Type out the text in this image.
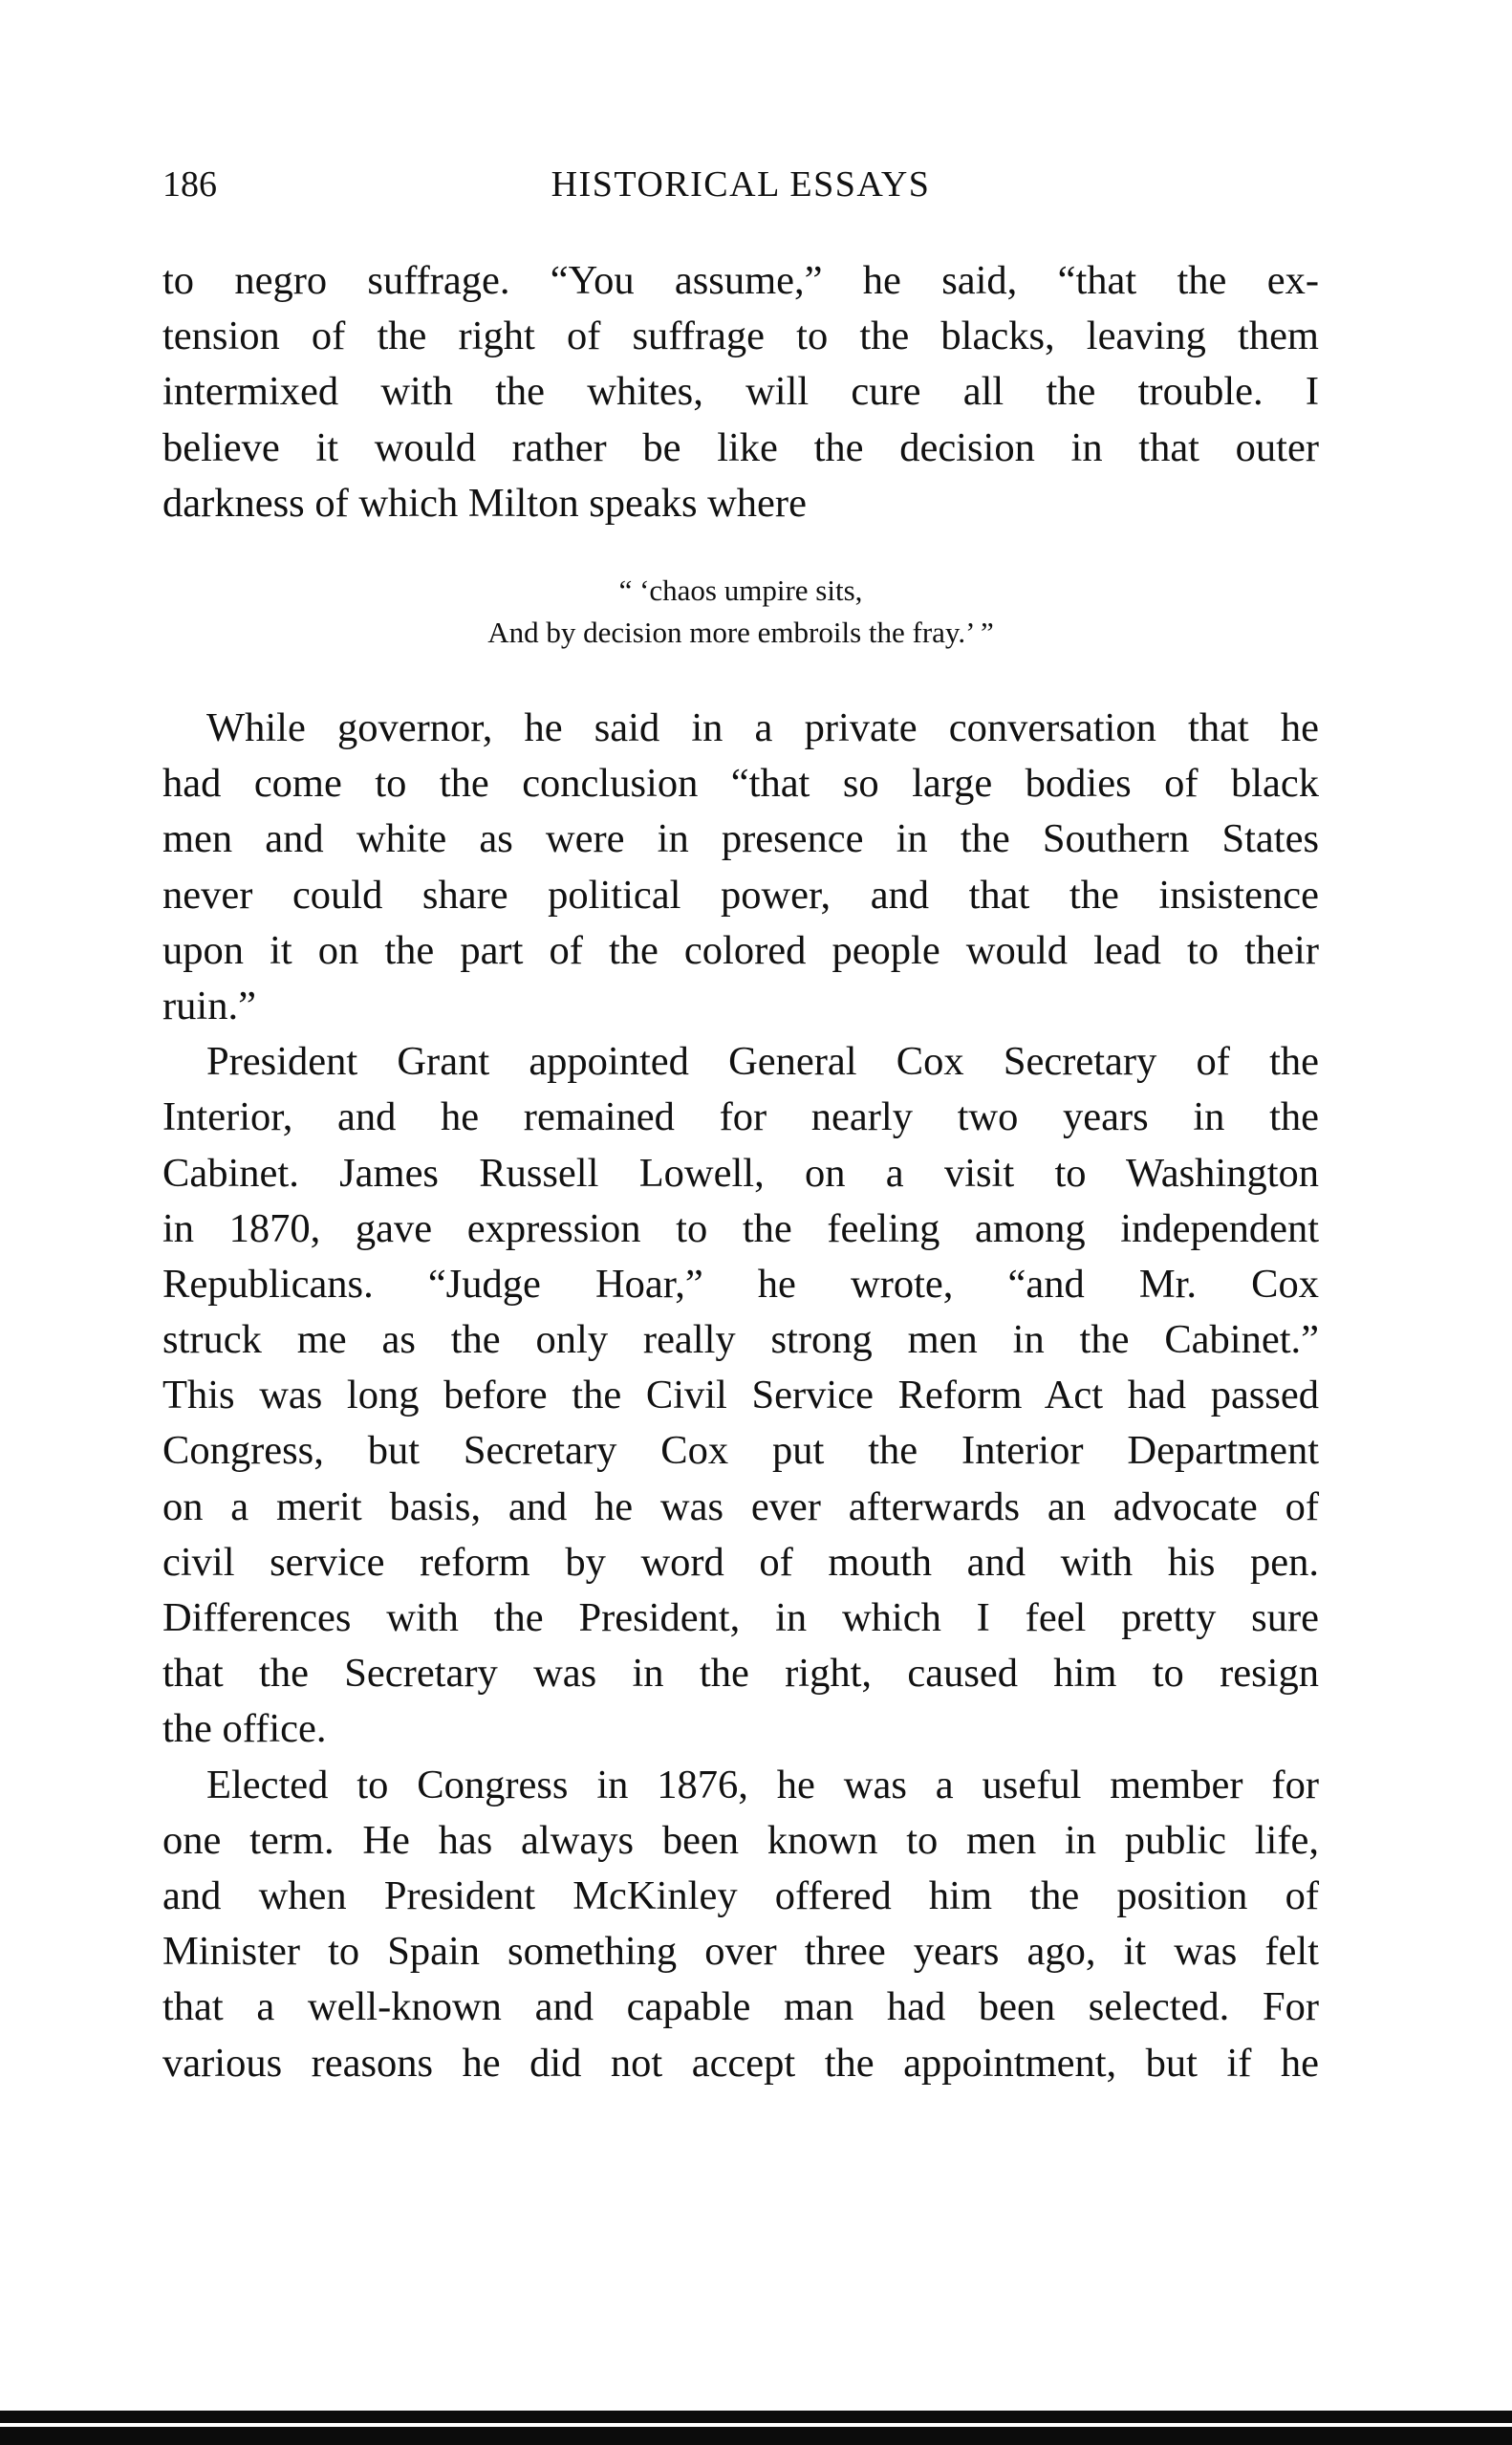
186	HISTORICAL ESSAYS
to negro suffrage. “You assume,” he said, “that the ex-
tension of the right of suffrage to the blacks, leaving them
intermixed with the whites, will cure all the trouble. I
believe it would rather be like the decision in that outer
darkness of which Milton speaks where
“ ‘chaos umpire sits,
And by decision more embroils the fray.’ ”
While governor, he said in a private conversation that he
had come to the conclusion “that so large bodies of black
men and white as were in presence in the Southern States
never could share political power, and that the insistence
upon it on the part of the colored people would lead to their
ruin.”
President Grant appointed General Cox Secretary of the
Interior, and he remained for nearly two years in the
Cabinet. James Russell Lowell, on a visit to Washington
in 1870, gave expression to the feeling among independent
Republicans. “Judge Hoar,” he wrote, “and Mr. Cox
struck me as the only really strong men in the Cabinet.”
This was long before the Civil Service Reform Act had passed
Congress, but Secretary Cox put the Interior Department
on a merit basis, and he was ever afterwards an advocate of
civil service reform by word of mouth and with his pen.
Differences with the President, in which I feel pretty sure
that the Secretary was in the right, caused him to resign
the office.
Elected to Congress in 1876, he was a useful member for
one term. He has always been known to men in public life,
and when President McKinley offered him the position of
Minister to Spain something over three years ago, it was felt
that a well-known and capable man had been selected. For
various reasons he did not accept the appointment, but if he
